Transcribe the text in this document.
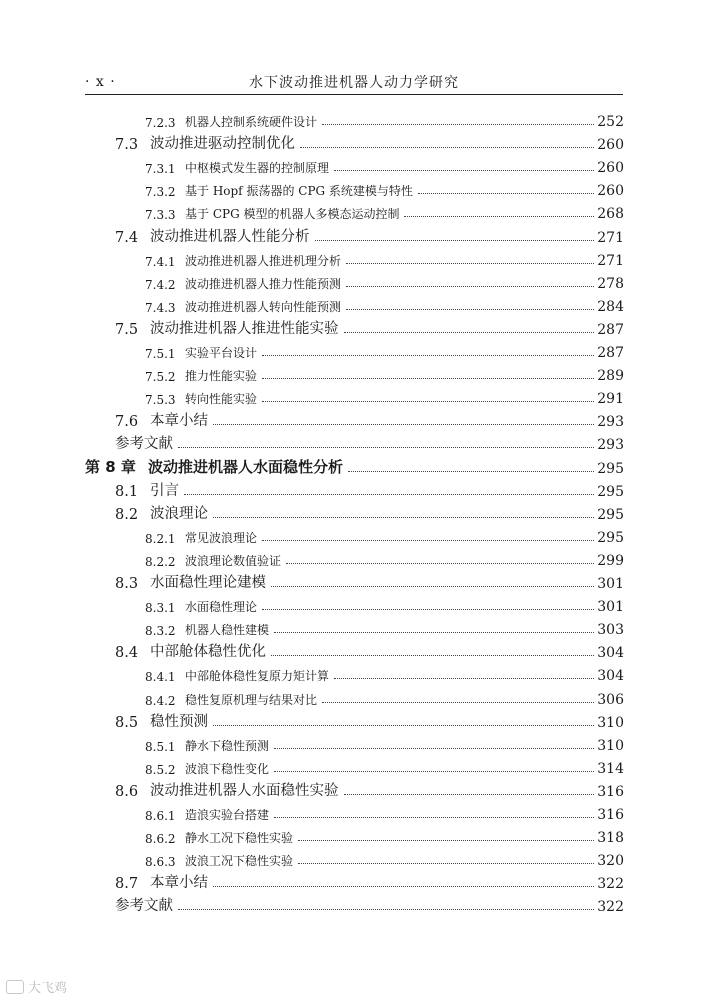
· x ·	水下波动推进机器人动力学研究
7.2.3 机器人控制系统硬件设计	252
7.3 波动推进驱动控制优化	260
7.3.1 中枢模式发生器的控制原理	260
7.3.2 基于 Hopf 振荡器的 CPG 系统建模与特性	260
7.3.3 基于 CPG 模型的机器人多模态运动控制	268
7.4 波动推进机器人性能分析	271
7.4.1 波动推进机器人推进机理分析	271
7.4.2 波动推进机器人推力性能预测	278
7.4.3 波动推进机器人转向性能预测	284
7.5 波动推进机器人推进性能实验	287
7.5.1 实验平台设计	287
7.5.2 推力性能实验	289
7.5.3 转向性能实验	291
7.6 本章小结	293
参考文献	293
第 8 章 波动推进机器人水面稳性分析	295
8.1 引言	295
8.2 波浪理论	295
8.2.1 常见波浪理论	295
8.2.2 波浪理论数值验证	299
8.3 水面稳性理论建模	301
8.3.1 水面稳性理论	301
8.3.2 机器人稳性建模	303
8.4 中部舱体稳性优化	304
8.4.1 中部舱体稳性复原力矩计算	304
8.4.2 稳性复原机理与结果对比	306
8.5 稳性预测	310
8.5.1 静水下稳性预测	310
8.5.2 波浪下稳性变化	314
8.6 波动推进机器人水面稳性实验	316
8.6.1 造浪实验台搭建	316
8.6.2 静水工况下稳性实验	318
8.6.3 波浪工况下稳性实验	320
8.7 本章小结	322
参考文献	322
大飞鸡
